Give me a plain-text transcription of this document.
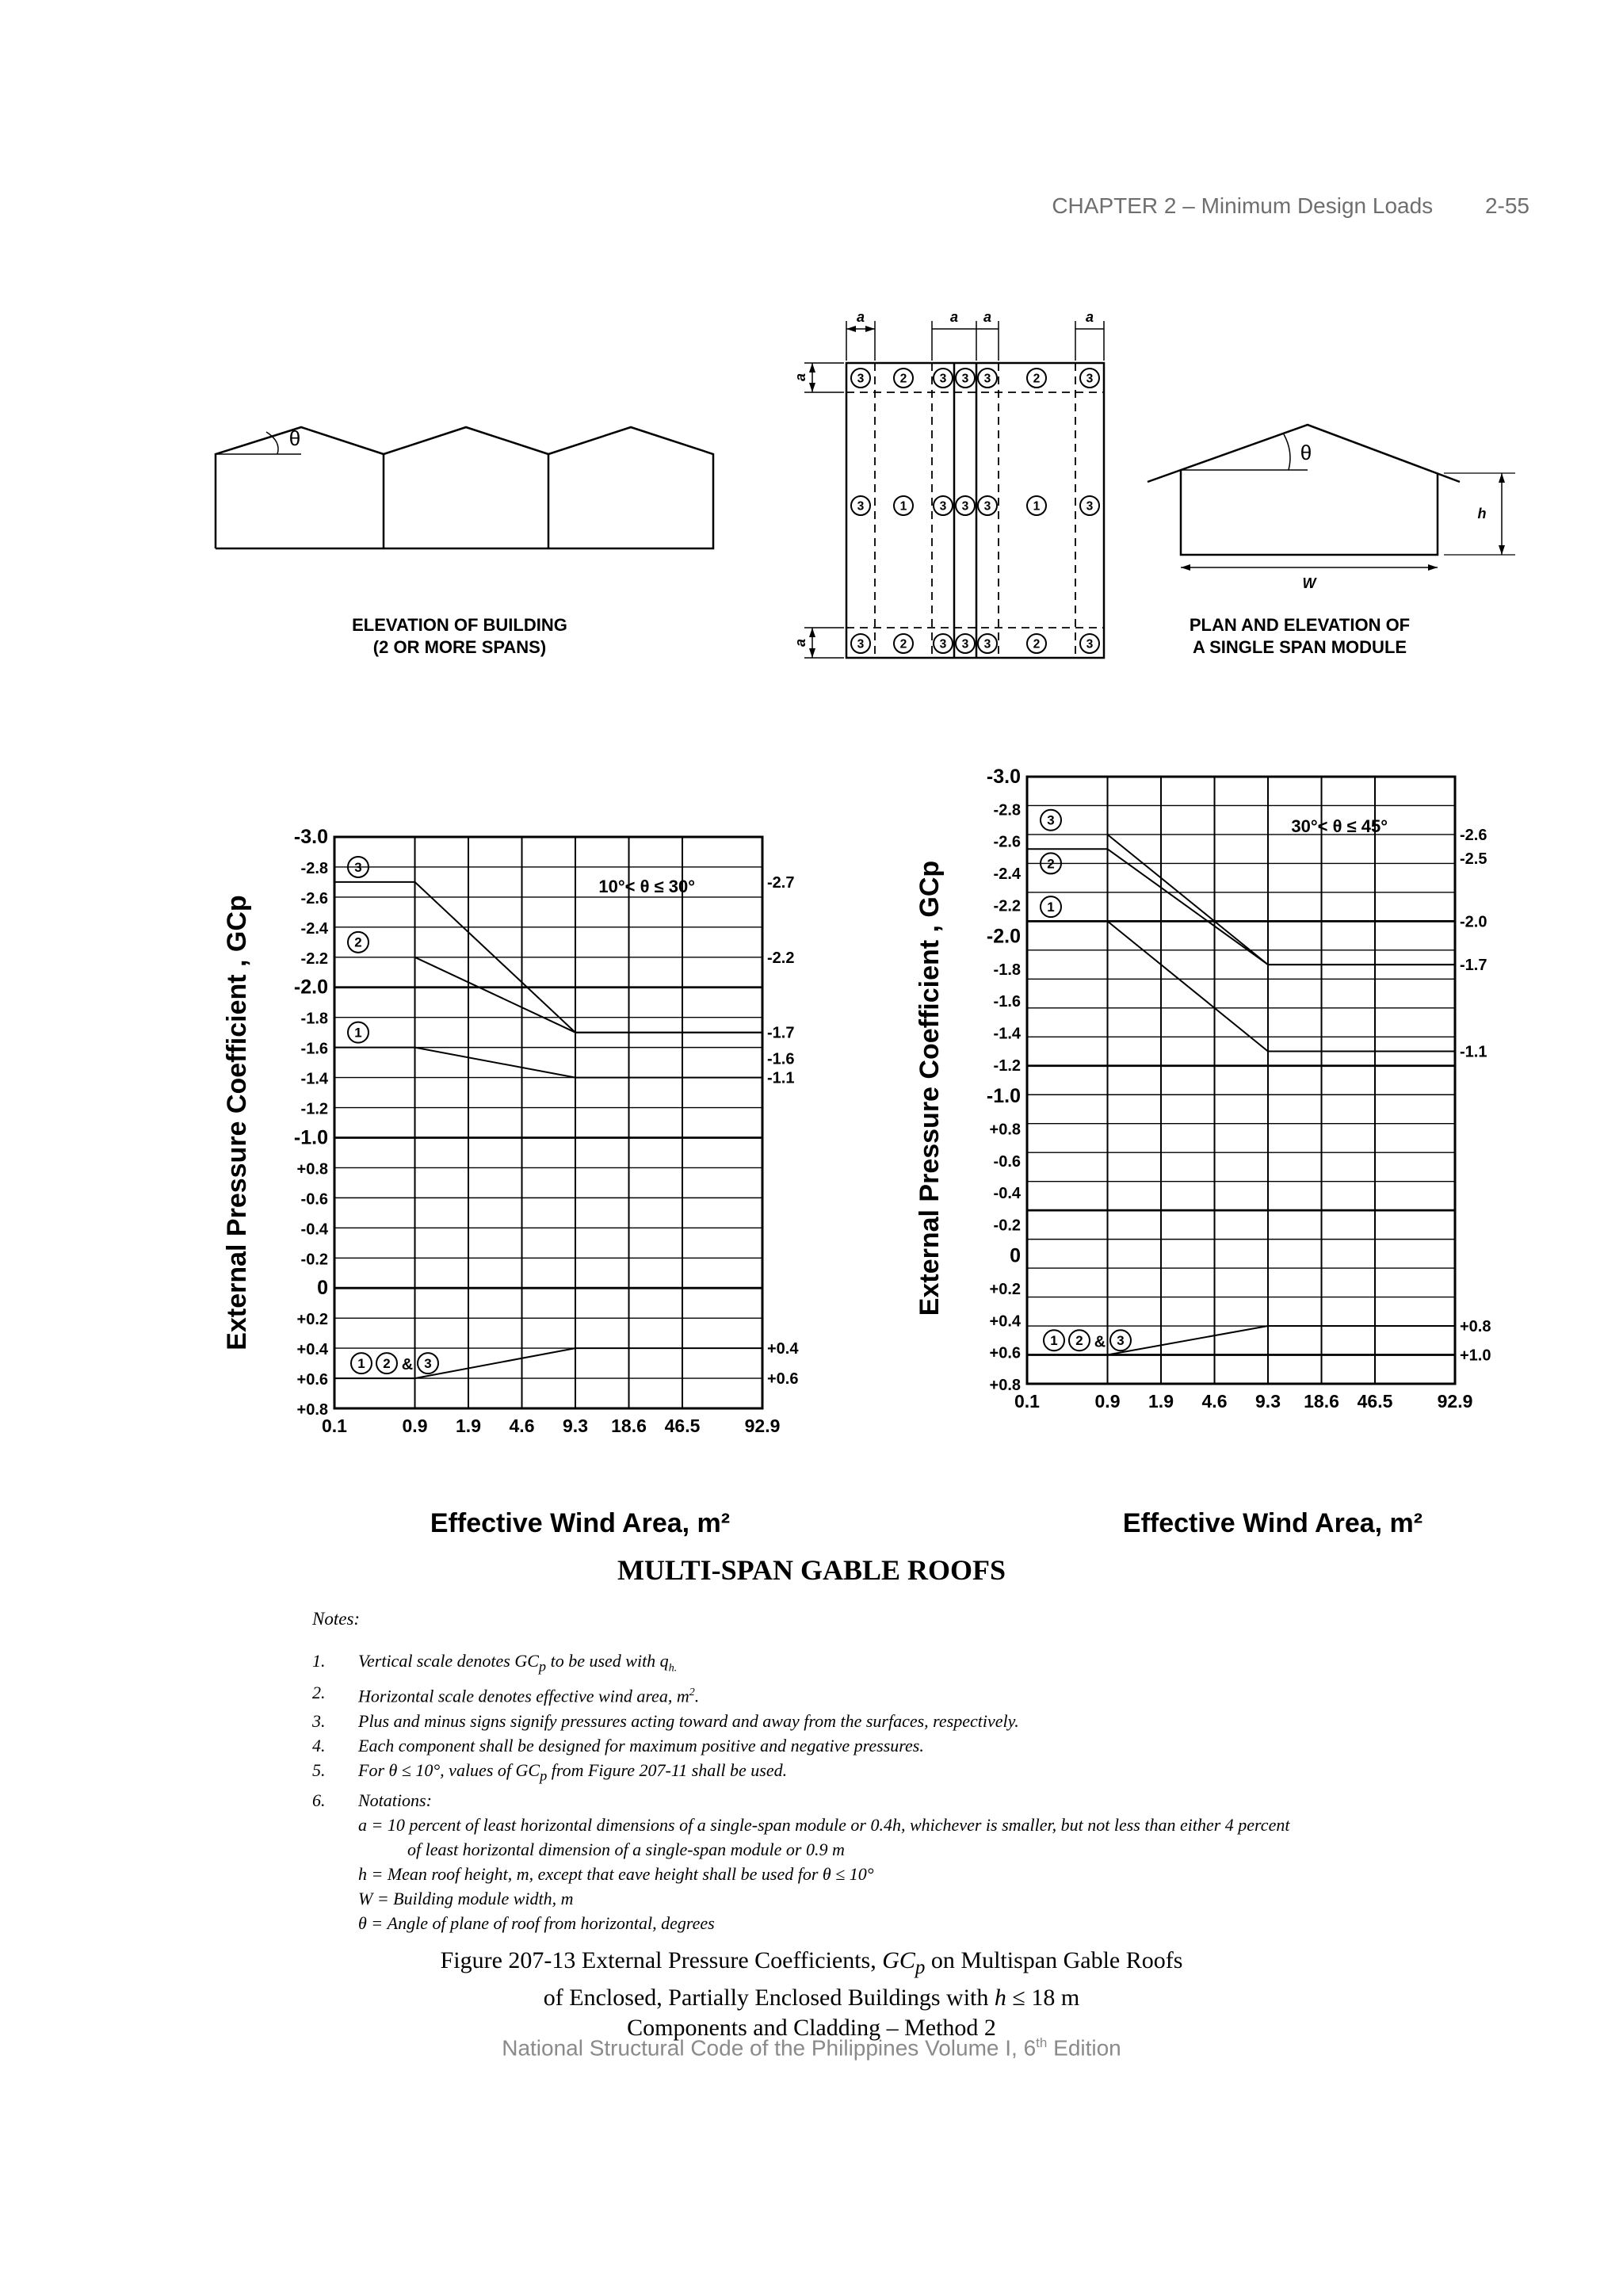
CHAPTER 2 – Minimum Design Loads 2-55
a	a a	a
a
a
W
h
θ
θ
3
3
3
2
1
2
3
3
3
3
3
3
3
3
3
2
1
2
3
3
3
ELEVATION OF BUILDING
(2 OR MORE SPANS)
PLAN AND ELEVATION OF
A SINGLE SPAN MODULE
-3.0
-2.8
-2.6
-2.4
-2.2
-2.0
-1.8
-1.6
-1.4
-1.2
-1.0
+0.8
-0.6
-0.4
-0.2
0
+0.2
+0.4
+0.6
+0.8
0.1	0.9 1.9 4.6 9.3 18.6 46.5 92.9
-2.7
-2.2
-1.7
-1.6
-1.1
+0.4
+0.6
10°< θ ≤ 30°
3
2
1
1 2 & 3
External Pressure Coefficient , GCp
Effective Wind Area, m²
-3.0
-2.8
-2.6
-2.4
-2.2
-2.0
-1.8
-1.6
-1.4
-1.2
-1.0
+0.8
-0.6
-0.4
-0.2
0
+0.2
+0.4
+0.6
+0.8
0.1	0.9 1.9 4.6 9.3 18.6 46.5 92.9
-2.6
-2.5
-2.0
-1.7
-1.1
+0.8
+1.0
30°< θ ≤ 45°
3
2
1
1 2 & 3
External Pressure Coefficient , GCp
Effective Wind Area, m²
MULTI-SPAN GABLE ROOFS
Notes:
1.	Vertical scale denotes $GC_p$ to be used with $q_{h.}$
2.	Horizontal scale denotes effective wind area, $m^2$.
3.	Plus and minus signs signify pressures acting toward and away from the surfaces, respectively.
4.	Each component shall be designed for maximum positive and negative pressures.
5.	For θ ≤ 10°, values of $GC_p$ from Figure 207-11 shall be used.
6.	Notations:
a = 10 percent of least horizontal dimensions of a single-span module or 0.4h, whichever is smaller, but not less than either 4 percent
of least horizontal dimension of a single-span module or 0.9 m
h = Mean roof height, m, except that eave height shall be used for θ ≤ 10°
W = Building module width, m
θ = Angle of plane of roof from horizontal, degrees
Figure 207-13 External Pressure Coefficients, $GC_p$ on Multispan Gable Roofs
of Enclosed, Partially Enclosed Buildings with h ≤ 18 m
Components and Cladding – Method 2
National Structural Code of the Philippines Volume I, 6th Edition
